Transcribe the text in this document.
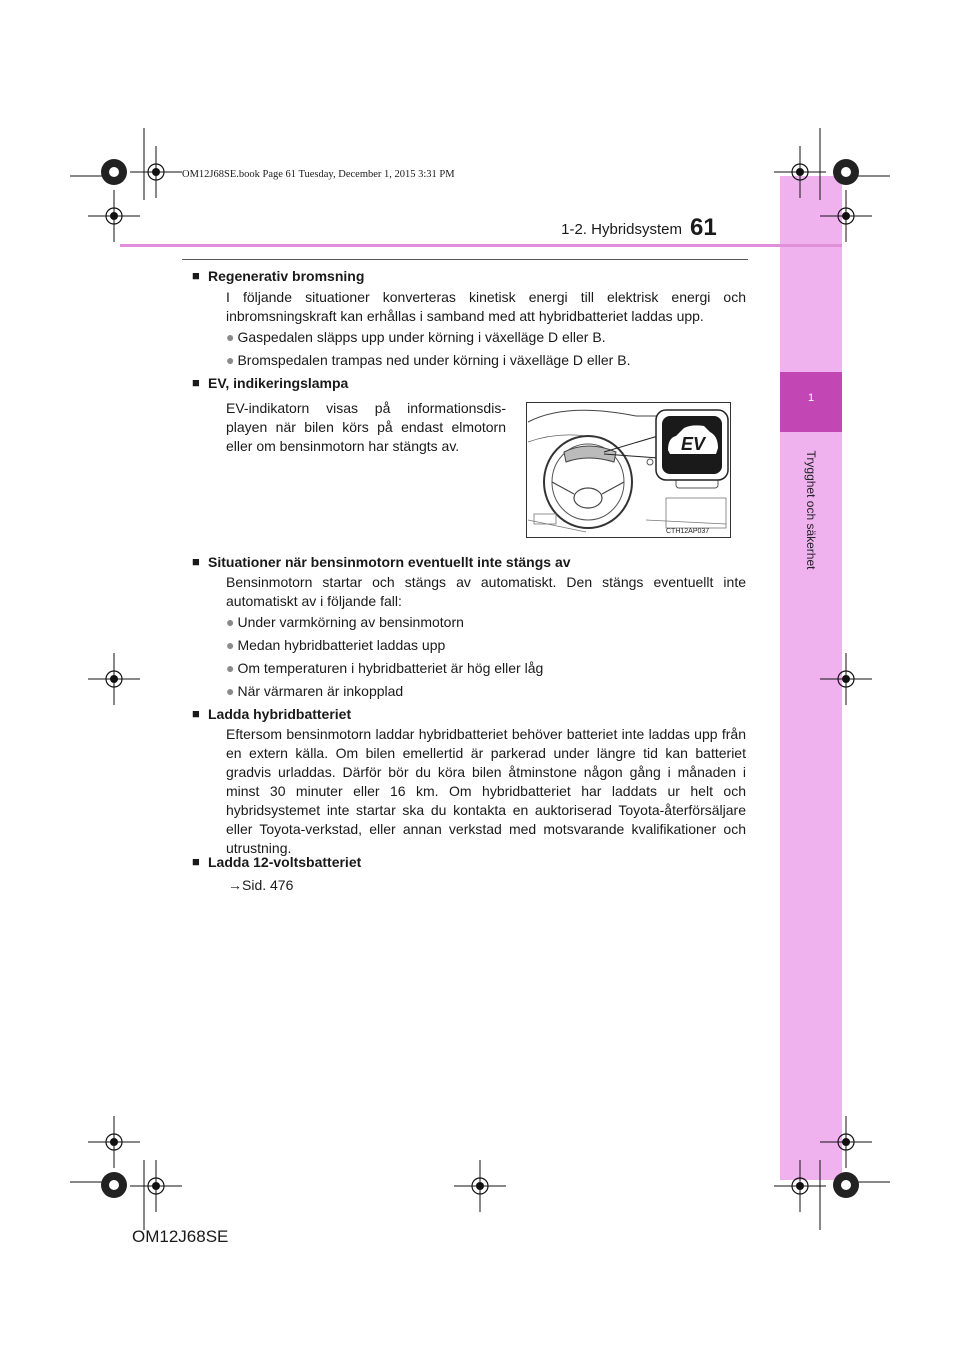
1
Trygghet och säkerhet
1-2. Hybridsystem 61
OM12J68SE.book Page 61 Tuesday, December 1, 2015 3:31 PM
■ Regenerativ bromsning
I följande situationer konverteras kinetisk energi till elektrisk energi och inbromsningskraft kan erhållas i samband med att hybridbatteriet laddas upp.
● Gaspedalen släpps upp under körning i växelläge D eller B.
● Bromspedalen trampas ned under körning i växelläge D eller B.
■ EV, indikeringslampa
EV-indikatorn visas på informationsdis-playen när bilen körs på endast elmotorn eller om bensinmotorn har stängts av.	EV
CTH12AP037
■ Situationer när bensinmotorn eventuellt inte stängs av
Bensinmotorn startar och stängs av automatiskt. Den stängs eventuellt inte automatiskt av i följande fall:
● Under varmkörning av bensinmotorn
● Medan hybridbatteriet laddas upp
● Om temperaturen i hybridbatteriet är hög eller låg
● När värmaren är inkopplad
■ Ladda hybridbatteriet
Eftersom bensinmotorn laddar hybridbatteriet behöver batteriet inte laddas upp från en extern källa. Om bilen emellertid är parkerad under längre tid kan batteriet gradvis urladdas. Därför bör du köra bilen åtminstone någon gång i månaden i minst 30 minuter eller 16 km. Om hybridbatteriet har laddats ur helt och hybridsystemet inte startar ska du kontakta en auktoriserad Toyota-återförsäljare eller Toyota-verkstad, eller annan verkstad med motsvarande kvalifikationer och utrustning.
■ Ladda 12-voltsbatteriet
→Sid. 476
OM12J68SE
